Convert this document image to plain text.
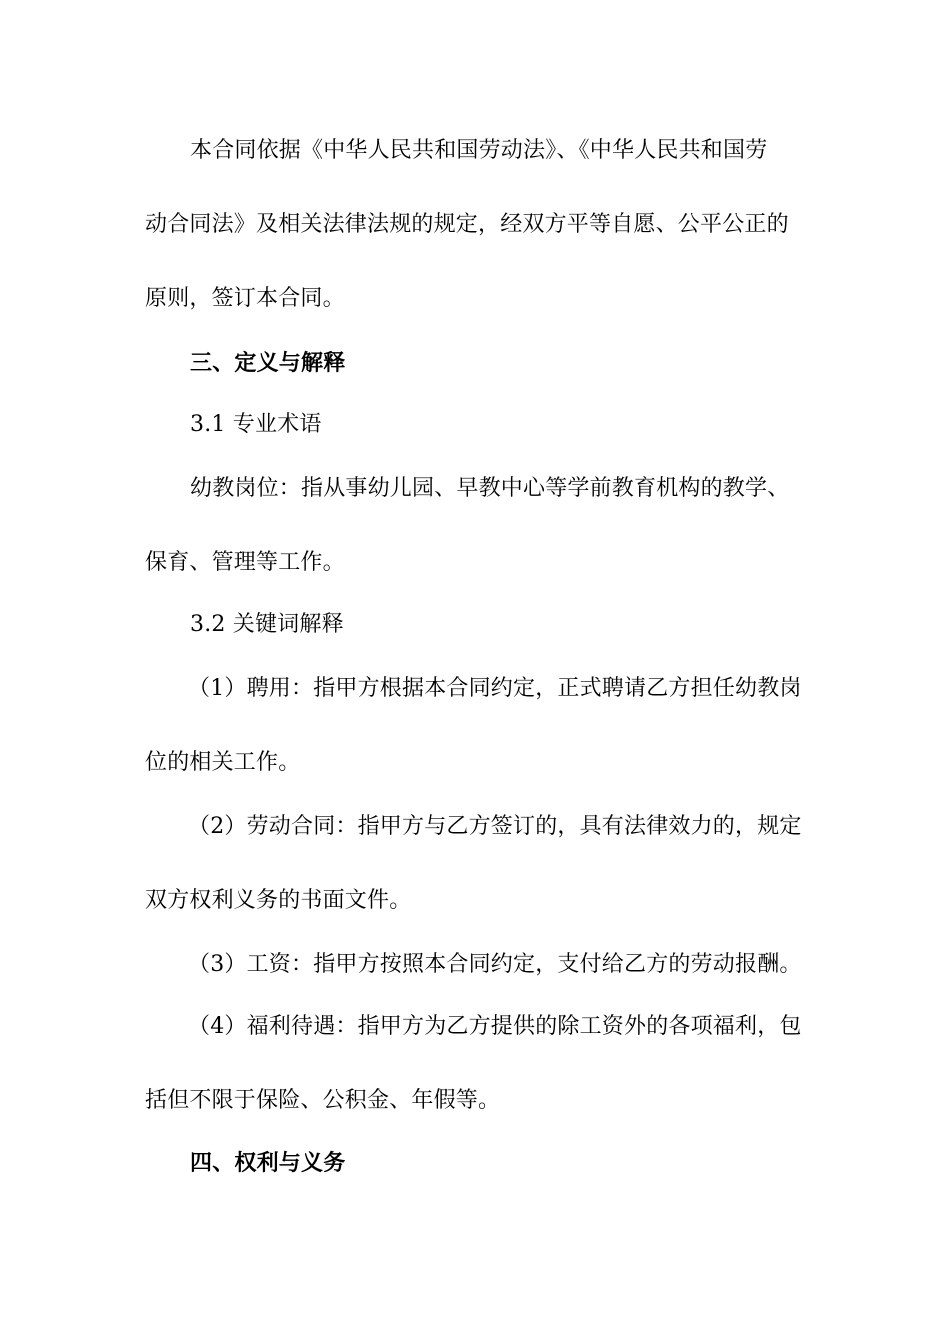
本合同依据《中华人民共和国劳动法》、《中华人民共和国劳
动合同法》及相关法律法规的规定，经双方平等自愿、公平公正的
原则，签订本合同。
三、定义与解释
3.1 专业术语
幼教岗位：指从事幼儿园、早教中心等学前教育机构的教学、
保育、管理等工作。
3.2 关键词解释
（1）聘用：指甲方根据本合同约定，正式聘请乙方担任幼教岗
位的相关工作。
（2）劳动合同：指甲方与乙方签订的，具有法律效力的，规定
双方权利义务的书面文件。
（3）工资：指甲方按照本合同约定，支付给乙方的劳动报酬。
（4）福利待遇：指甲方为乙方提供的除工资外的各项福利，包
括但不限于保险、公积金、年假等。
四、权利与义务
